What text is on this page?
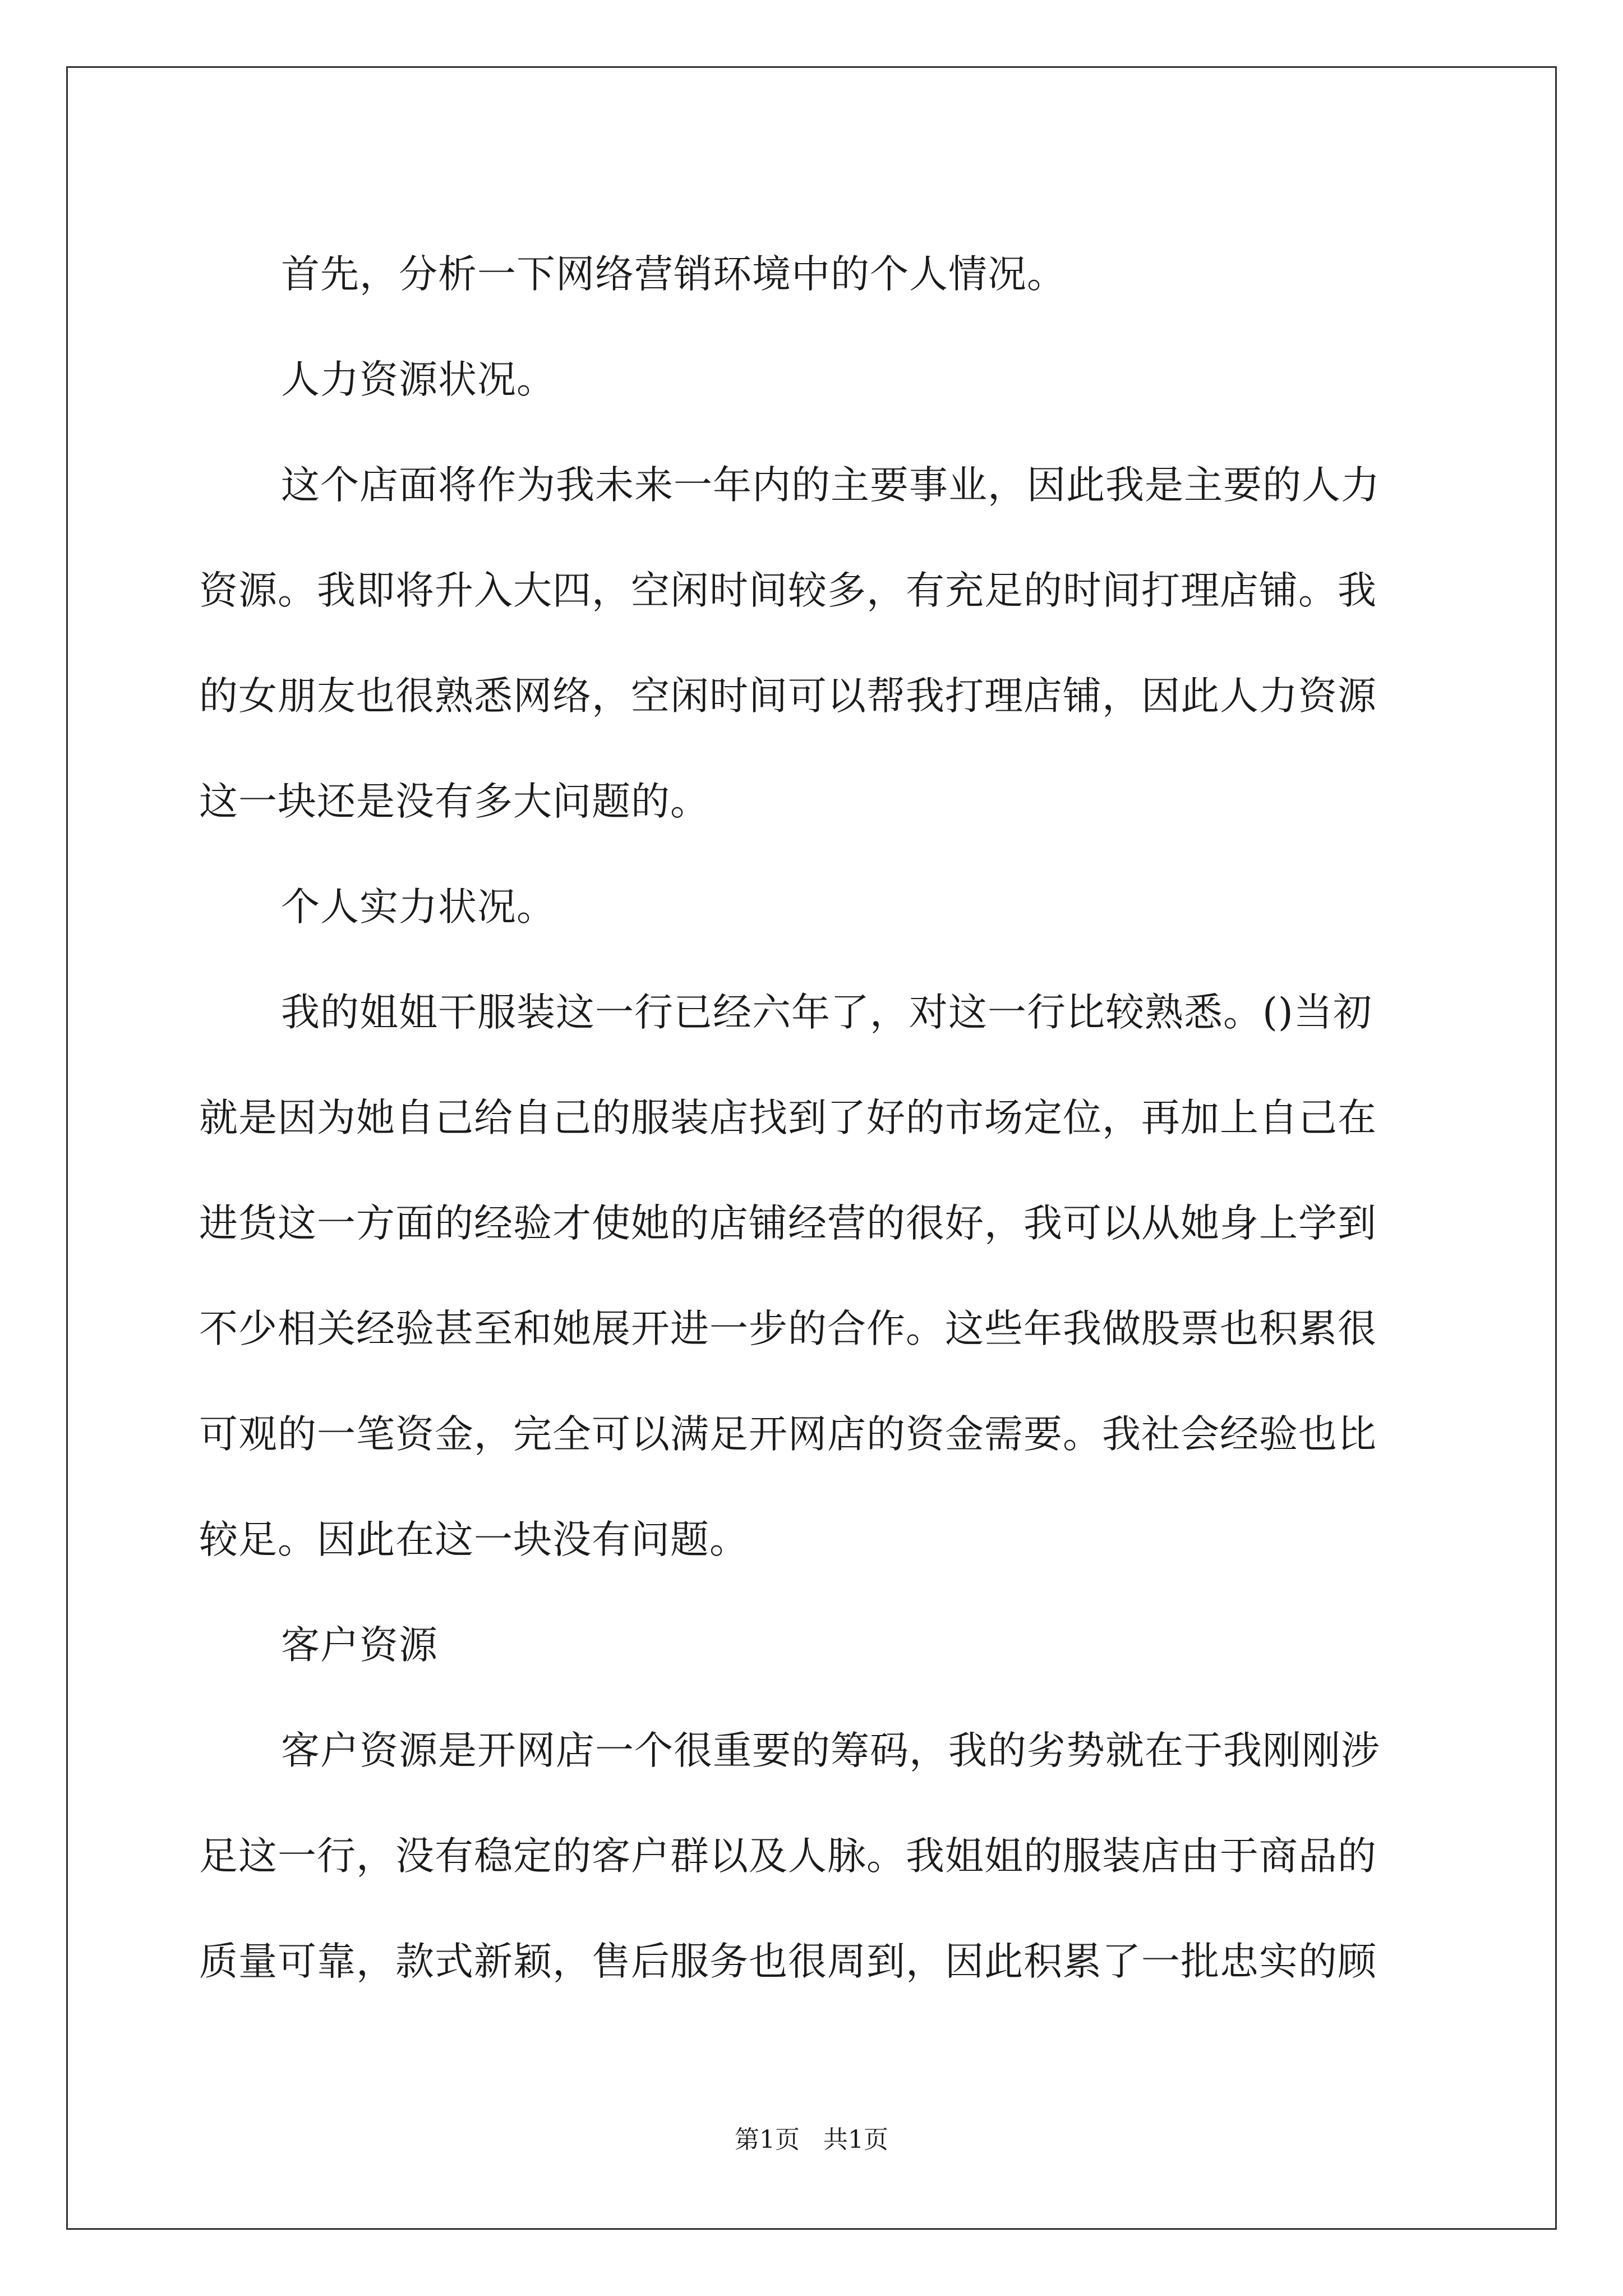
首先，分析一下网络营销环境中的个人情况。

人力资源状况。

这个店面将作为我未来一年内的主要事业，因此我是主要的人力
资源。我即将升入大四，空闲时间较多，有充足的时间打理店铺。我
的女朋友也很熟悉网络，空闲时间可以帮我打理店铺，因此人力资源
这一块还是没有多大问题的。

个人实力状况。

我的姐姐干服装这一行已经六年了，对这一行比较熟悉。()当初
就是因为她自己给自己的服装店找到了好的市场定位，再加上自己在
进货这一方面的经验才使她的店铺经营的很好，我可以从她身上学到
不少相关经验甚至和她展开进一步的合作。这些年我做股票也积累很
可观的一笔资金，完全可以满足开网店的资金需要。我社会经验也比
较足。因此在这一块没有问题。

客户资源

客户资源是开网店一个很重要的筹码，我的劣势就在于我刚刚涉
足这一行，没有稳定的客户群以及人脉。我姐姐的服装店由于商品的
质量可靠，款式新颖，售后服务也很周到，因此积累了一批忠实的顾

第1页 共1页
